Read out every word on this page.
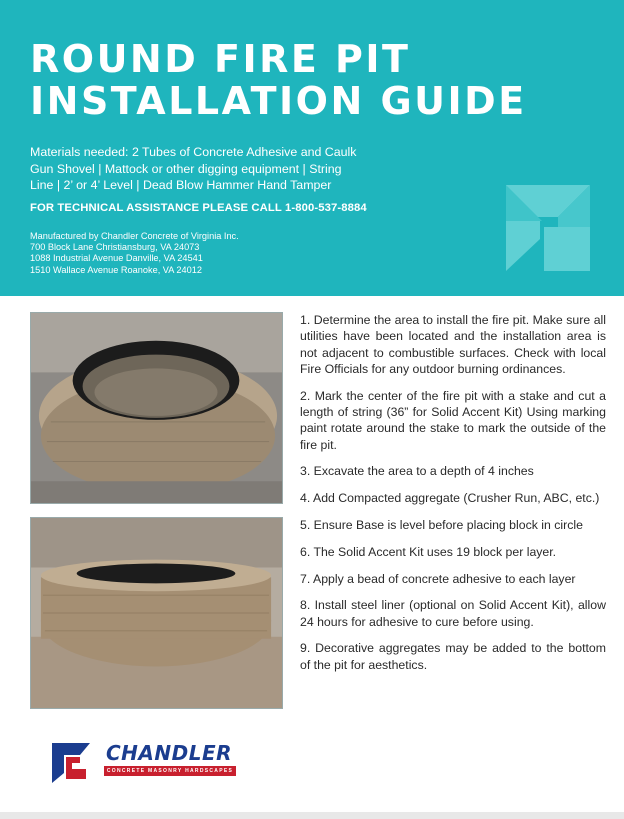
ROUND FIRE PIT
INSTALLATION GUIDE

Materials needed: 2 Tubes of Concrete Adhesive and Caulk Gun Shovel | Mattock or other digging equipment | String Line | 2’ or 4’ Level | Dead Blow Hammer Hand Tamper

FOR TECHNICAL ASSISTANCE PLEASE CALL 1-800-537-8884

Manufactured by Chandler Concrete of Virginia Inc.
700 Block Lane Christiansburg, VA 24073
1088 Industrial Avenue Danville, VA 24541
1510 Wallace Avenue Roanoke, VA 24012

1. Determine the area to install the fire pit. Make sure all utilities have been located and the installation area is not adjacent to combustible surfaces. Check with local Fire Officials for any outdoor burning ordinances.

2. Mark the center of the fire pit with a stake and cut a length of string (36” for Solid Accent Kit) Using marking paint rotate around the stake to mark the outside of the fire pit.

3. Excavate the area to a depth of 4 inches

4. Add Compacted aggregate (Crusher Run, ABC, etc.)

5. Ensure Base is level before placing block in circle

6. The Solid Accent Kit uses 19 block per layer.

7. Apply a bead of concrete adhesive to each layer

8. Install steel liner (optional on Solid Accent Kit), allow 24 hours for adhesive to cure before using.

9. Decorative aggregates may be added to the bottom of the pit for aesthetics.

CHANDLER
CONCRETE MASONRY HARDSCAPES
